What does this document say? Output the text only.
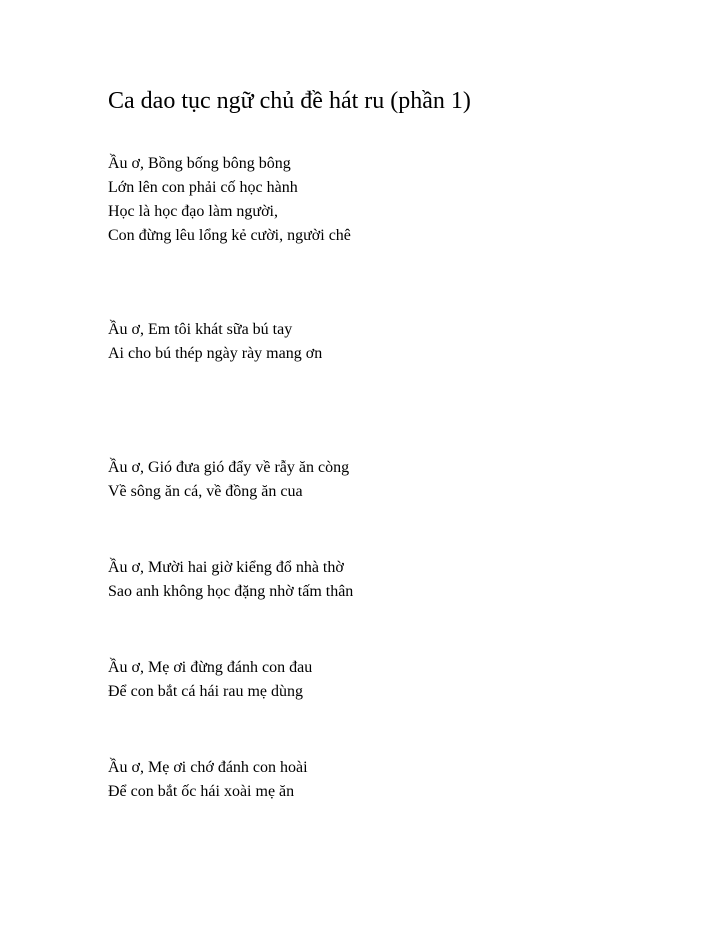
Ca dao tục ngữ chủ đề hát ru (phần 1)
Ầu ơ, Bồng bống bông bông
Lớn lên con phải cố học hành
Học là học đạo làm người,
Con đừng lêu lổng kẻ cười, người chê
Ầu ơ, Em tôi khát sữa bú tay
Ai cho bú thép ngày rày mang ơn
Ầu ơ, Gió đưa gió đẩy về rẫy ăn còng
Về sông ăn cá, về đồng ăn cua
Ầu ơ, Mười hai giờ kiểng đổ nhà thờ
Sao anh không học đặng nhờ tấm thân
Ầu ơ, Mẹ ơi đừng đánh con đau
Để con bắt cá hái rau mẹ dùng
Ầu ơ, Mẹ ơi chớ đánh con hoài
Để con bắt ốc hái xoài mẹ ăn
